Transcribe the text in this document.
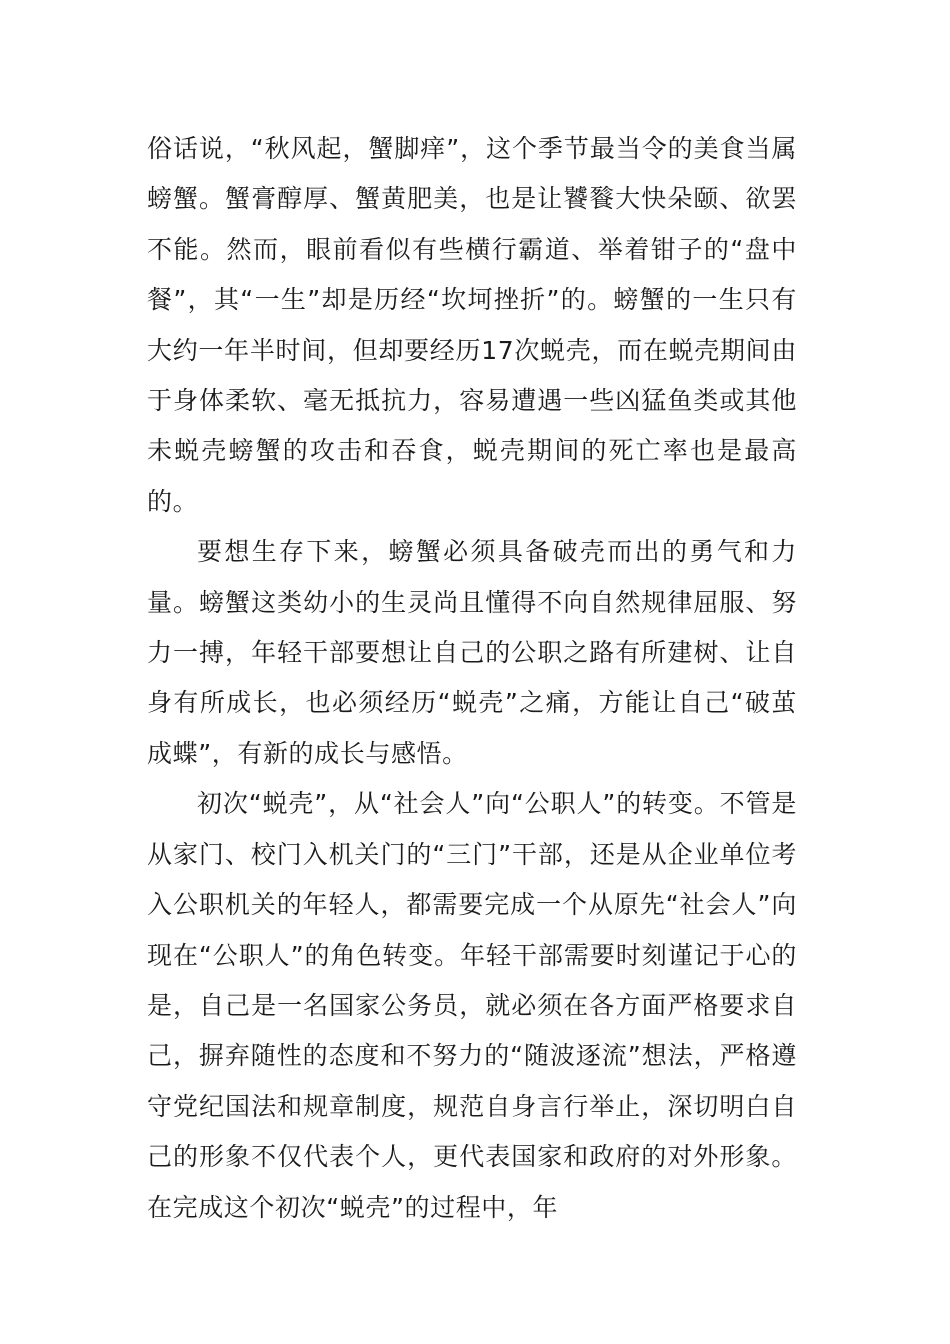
俗话说，“秋风起，蟹脚痒”，这个季节最当令的美食当属螃蟹。蟹膏醇厚、蟹黄肥美，也是让饕餮大快朵颐、欲罢不能。然而，眼前看似有些横行霸道、举着钳子的“盘中餐”，其“一生”却是历经“坎坷挫折”的。螃蟹的一生只有大约一年半时间，但却要经历17次蜕壳，而在蜕壳期间由于身体柔软、毫无抵抗力，容易遭遇一些凶猛鱼类或其他未蜕壳螃蟹的攻击和吞食，蜕壳期间的死亡率也是最高的。

要想生存下来，螃蟹必须具备破壳而出的勇气和力量。螃蟹这类幼小的生灵尚且懂得不向自然规律屈服、努力一搏，年轻干部要想让自己的公职之路有所建树、让自身有所成长，也必须经历“蜕壳”之痛，方能让自己“破茧成蝶”，有新的成长与感悟。

初次“蜕壳”，从“社会人”向“公职人”的转变。不管是从家门、校门入机关门的“三门”干部，还是从企业单位考入公职机关的年轻人，都需要完成一个从原先“社会人”向现在“公职人”的角色转变。年轻干部需要时刻谨记于心的是，自己是一名国家公务员，就必须在各方面严格要求自己，摒弃随性的态度和不努力的“随波逐流”想法，严格遵守党纪国法和规章制度，规范自身言行举止，深切明白自己的形象不仅代表个人，更代表国家和政府的对外形象。在完成这个初次“蜕壳”的过程中，年
